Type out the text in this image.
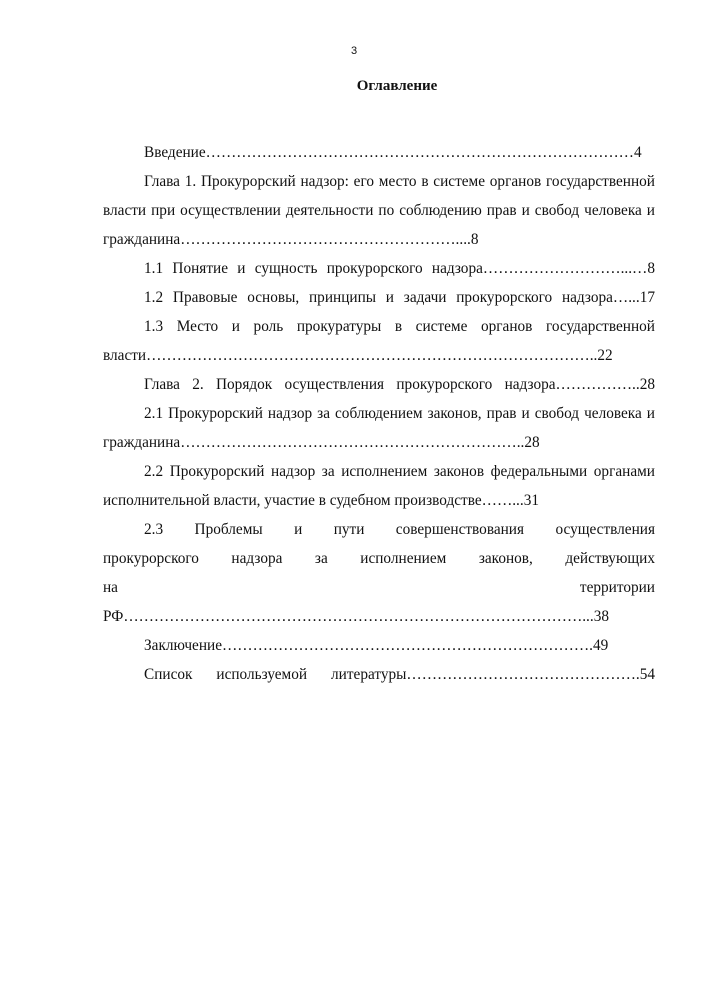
3
Оглавление

Введение…………………………………………………………………………4

Глава 1. Прокурорский надзор: его место в системе органов государственной власти при осуществлении деятельности по соблюдению прав и свобод человека и гражданина………………………………………………....8

1.1 Понятие и сущность прокурорского надзора………………………...…8

1.2 Правовые основы, принципы и задачи прокурорского надзора…...17

1.3 Место и роль прокуратуры в системе органов государственной власти……………………………………………………………………………..22

Глава 2. Порядок осуществления прокурорского надзора……………..28

2.1 Прокурорский надзор за соблюдением законов, прав и свобод человека и гражданина…………………………………………………………..28

2.2 Прокурорский надзор за исполнением законов федеральными органами исполнительной власти, участие в судебном производстве……...31

2.3 Проблемы и пути совершенствования осуществления прокурорского надзора за исполнением законов, действующих на территории РФ………………………………………………………………………………...38

Заключение……………………………………………………………….49

Список используемой литературы……………………………………….54
